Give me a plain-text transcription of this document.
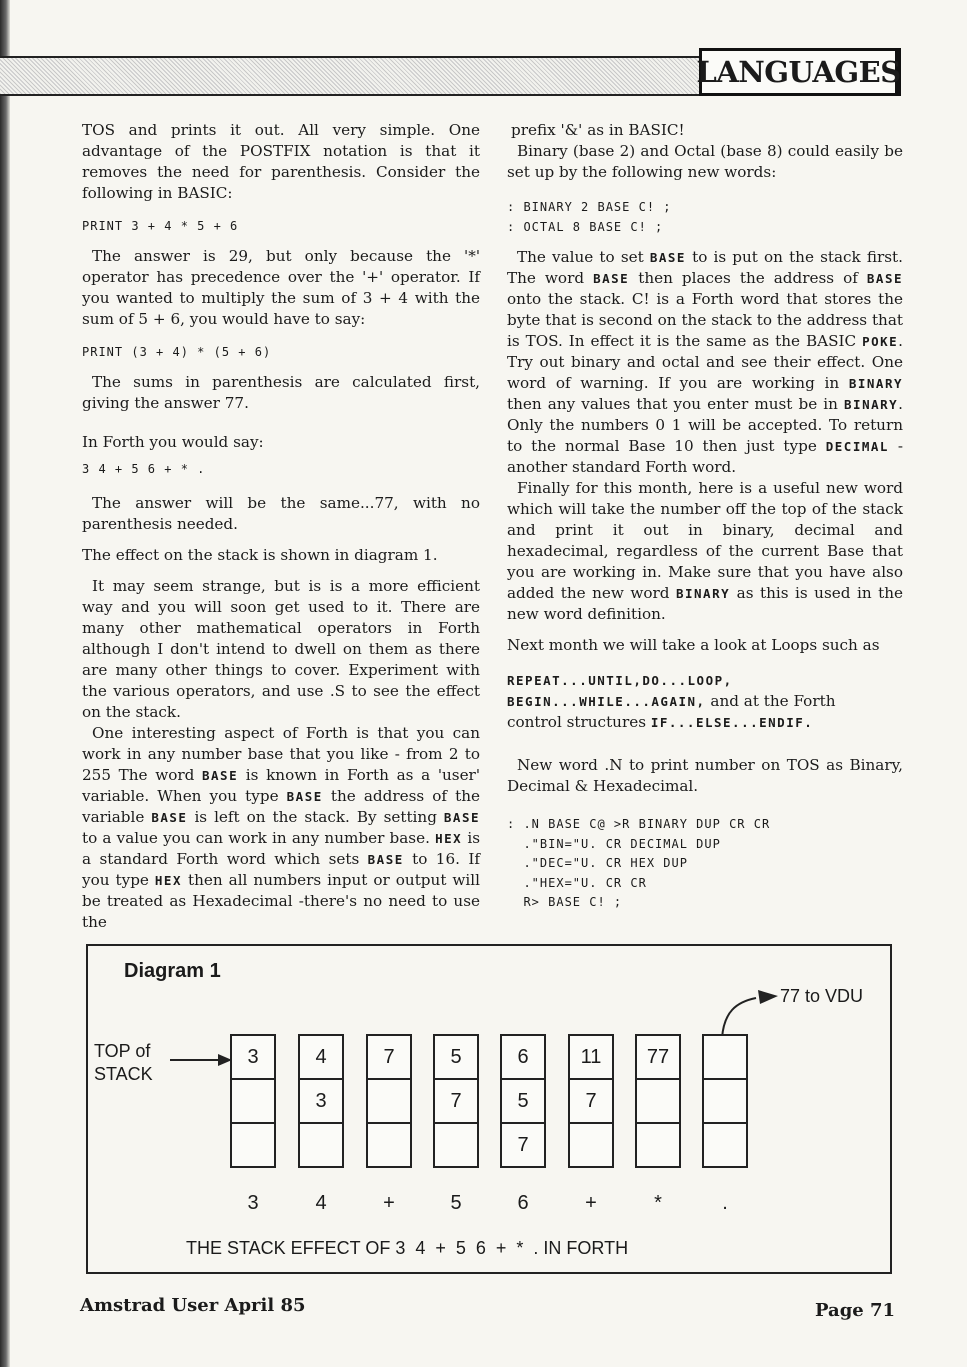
LANGUAGES

TOS and prints it out. All very simple. One advantage of the POSTFIX notation is that it removes the need for parenthesis. Consider the following in BASIC:

PRINT 3 + 4 * 5 + 6

The answer is 29, but only because the '*' operator has precedence over the '+' operator. If you wanted to multiply the sum of 3 + 4 with the sum of 5 + 6, you would have to say:

PRINT (3 + 4) * (5 + 6)

The sums in parenthesis are calculated first, giving the answer 77.

In Forth you would say:

3 4 + 5 6 + * .

The answer will be the same...77, with no parenthesis needed.

The effect on the stack is shown in diagram 1.

It may seem strange, but is is a more efficient way and you will soon get used to it. There are many other mathematical operators in Forth although I don't intend to dwell on them as there are many other things to cover. Experiment with the various operators, and use .S to see the effect on the stack.

One interesting aspect of Forth is that you can work in any number base that you like - from 2 to 255 The word BASE is known in Forth as a 'user' variable. When you type BASE the address of the variable BASE is left on the stack. By setting BASE to a value you can work in any number base. HEX is a standard Forth word which sets BASE to 16. If you type HEX then all numbers input or output will be treated as Hexadecimal -there's no need to use the

prefix '&' as in BASIC!

Binary (base 2) and Octal (base 8) could easily be set up by the following new words:

: BINARY 2 BASE C! ;
: OCTAL 8 BASE C! ;

The value to set BASE to is put on the stack first. The word BASE then places the address of BASE onto the stack. C! is a Forth word that stores the byte that is second on the stack to the address that is TOS. In effect it is the same as the BASIC POKE. Try out binary and octal and see their effect. One word of warning. If you are working in BINARY then any values that you enter must be in BINARY. Only the numbers 0 1 will be accepted. To return to the normal Base 10 then just type DECIMAL - another standard Forth word.

Finally for this month, here is a useful new word which will take the number off the top of the stack and print it out in binary, decimal and hexadecimal, regardless of the current Base that you are working in. Make sure that you have also added the new word BINARY as this is used in the new word definition.

Next month we will take a look at Loops such as

REPEAT...UNTIL,DO...LOOP,
BEGIN...WHILE...AGAIN, and at the Forth
control structures IF...ELSE...ENDIF.

New word .N to print number on TOS as Binary, Decimal & Hexadecimal.

: .N BASE C@ >R BINARY DUP CR CR
."BIN="U. CR DECIMAL DUP
."DEC="U. CR HEX DUP
."HEX="U. CR CR
R> BASE C! ;
Diagram 1
TOP of
STACK
77 to VDU
3
3
4
3
4
7
+
5
7
5
6
5
7
6
11
7
+
77
*	.
THE STACK EFFECT OF 3  4  +  5  6  +  *  . IN FORTH
Amstrad User April 85	Page 71
